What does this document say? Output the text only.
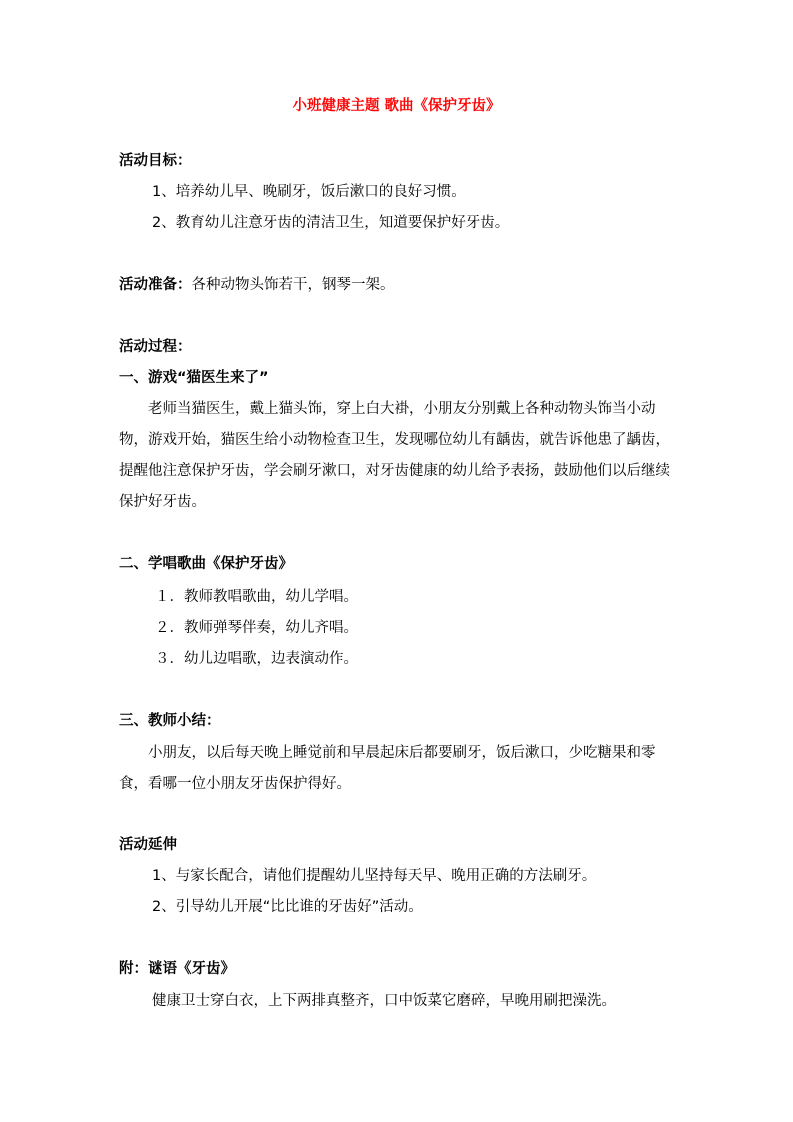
小班健康主题 歌曲《保护牙齿》
活动目标：
1、培养幼儿早、晚刷牙，饭后漱口的良好习惯。
2、教育幼儿注意牙齿的清洁卫生，知道要保护好牙齿。
活动准备：各种动物头饰若干，钢琴一架。
活动过程：
一、游戏“猫医生来了”
老师当猫医生，戴上猫头饰，穿上白大褂，小朋友分别戴上各种动物头饰当小动物，游戏开始，猫医生给小动物检查卫生，发现哪位幼儿有龋齿，就告诉他患了龋齿，提醒他注意保护牙齿，学会刷牙漱口，对牙齿健康的幼儿给予表扬，鼓励他们以后继续保护好牙齿。
二、学唱歌曲《保护牙齿》
１．教师教唱歌曲，幼儿学唱。
２．教师弹琴伴奏，幼儿齐唱。
３．幼儿边唱歌，边表演动作。
三、教师小结：
小朋友，以后每天晚上睡觉前和早晨起床后都要刷牙，饭后漱口，少吃糖果和零食，看哪一位小朋友牙齿保护得好。
活动延伸
1、与家长配合，请他们提醒幼儿坚持每天早、晚用正确的方法刷牙。
2、引导幼儿开展“比比谁的牙齿好”活动。
附：谜语《牙齿》
健康卫士穿白衣，上下两排真整齐，口中饭菜它磨碎，早晚用刷把澡洗。
